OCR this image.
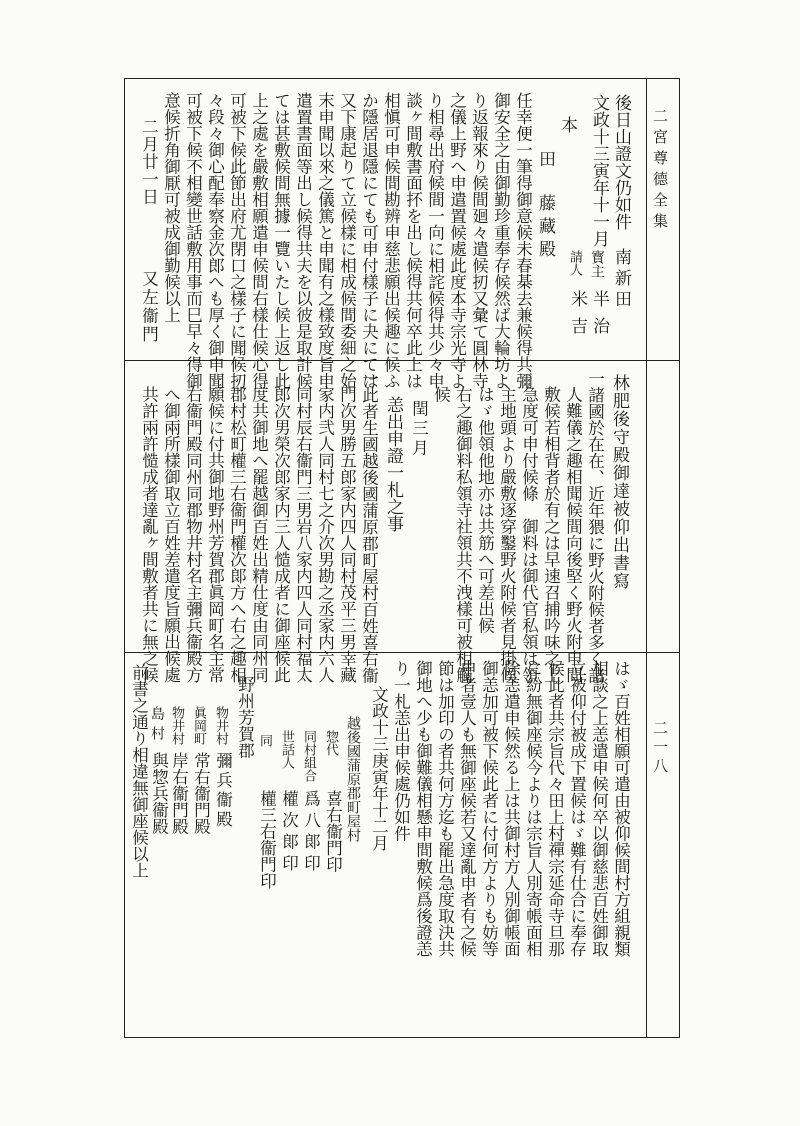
二宮尊德全集
二一八
後日山證文仍如件
文政十三寅年十一月
南新田
寳主
半治
請人
米吉
本
田
藤藏殿
任幸便一筆得御意候未春棊去兼候得共彌
御安全之由御勤珍重奉存候然ば大輪坊よ
り返報來り候間廻々遣候扨又彙て圓林寺
之儀上野へ申遣置候處此度本寺宗光寺よ
り相尋出府候間一向に相詫候得共少々申
談ヶ間敷書面抔を出し候得共何卒此上は
相愼可申候間勘辨申慈悲願出候趣に候ふ
か隱居退隱にても可申付樣子に夬にては
又下康起りて立候樣に相成候間委細之始
末申聞以來之儀篤と申聞有之樣致度旨申
遣置書面等出し候得共夫を以彼是取計候
ては甚敷候間無據一覽いたし候上返し此
上之處を嚴敷相願遣申候間右樣仕候心得
可被下候此節出府尤閉口之樣子に聞候扨
々段々御心配奉察金次郎へも厚く御申聞
可被下候不相變世話敷用事而巳早々得御
意候折角御厭可被成御勤候以上
二月廿一日
又左衞門
林肥後守殿御達被仰出書寫
一諸國於在在、近年猥に野火附候者多く諸
人難儀之趣相聞候間向後堅く野火附申間
敷候若相背者於有之は早速召捕吟味之上
急度可申付候條　御料は御代官私領は領
主地頭より嚴敷逐穿鑿野火附候者見掛候
はゞ他領他地亦は共筋へ可差出候
右之趣御料私領寺社領共不洩樣可被相觸
候
閏三月
恙出申證一札之事
一此者生國越後國蒲原郡町屋村百姓喜右衞
門次男勝五郎家内四人同村茂平三男幸藏
家内弐人同村七之介次男勘之丞家内六人
同村辰右衞門三男岩八家内四人同村福太
郎次男榮次郎家内三人慥成者に御座候此
度共御地へ罷越御百姓出精仕度由同州同
郡村松町權三右衞門權次郞方へ右之趣相
願候に付共御地野州芳賀郡眞岡町名主常
右衞門殿同州同郡物井村名主彌兵衞殿方
へ御兩所樣御取立百姓差遣度旨願出候處
共許兩許慥成者達亂ヶ間敷者共に無之候
はゞ百姓相願可遣由被仰候間村方組親類
相談之上恙遣申候何卒以御慈悲百姓御取
立被仰付被成下置候はゞ難有仕合に奉存
候此者共宗旨代々田上村禪宗延命寺旦那
に紛無御座候今よりは宗旨人別寄帳面相
除恙遣申候然る上は共御村方人別御帳面
御恙加可被下候此者に付何方よりも妨等
申者壹人も無御座候若又達亂申者有之候
節は加印の者共何方迄も罷出急度取決共
御地へ少も御難儀相懸申間敷候爲後證恙
り一札恙出申候處仍如件
文政十三庚寅年十二月
越後國蒲原郡町屋村
惣代
喜右衞門印
同村組合
爲八郞印
世話人
權次郞印
同
權三右衞門印
野州芳賀郡
物井村
彌兵衞殿
眞岡町
常右衞門殿
物井村
岸右衞門殿
島村
與惣兵衞殿
前書之通り相違無御座候以上
